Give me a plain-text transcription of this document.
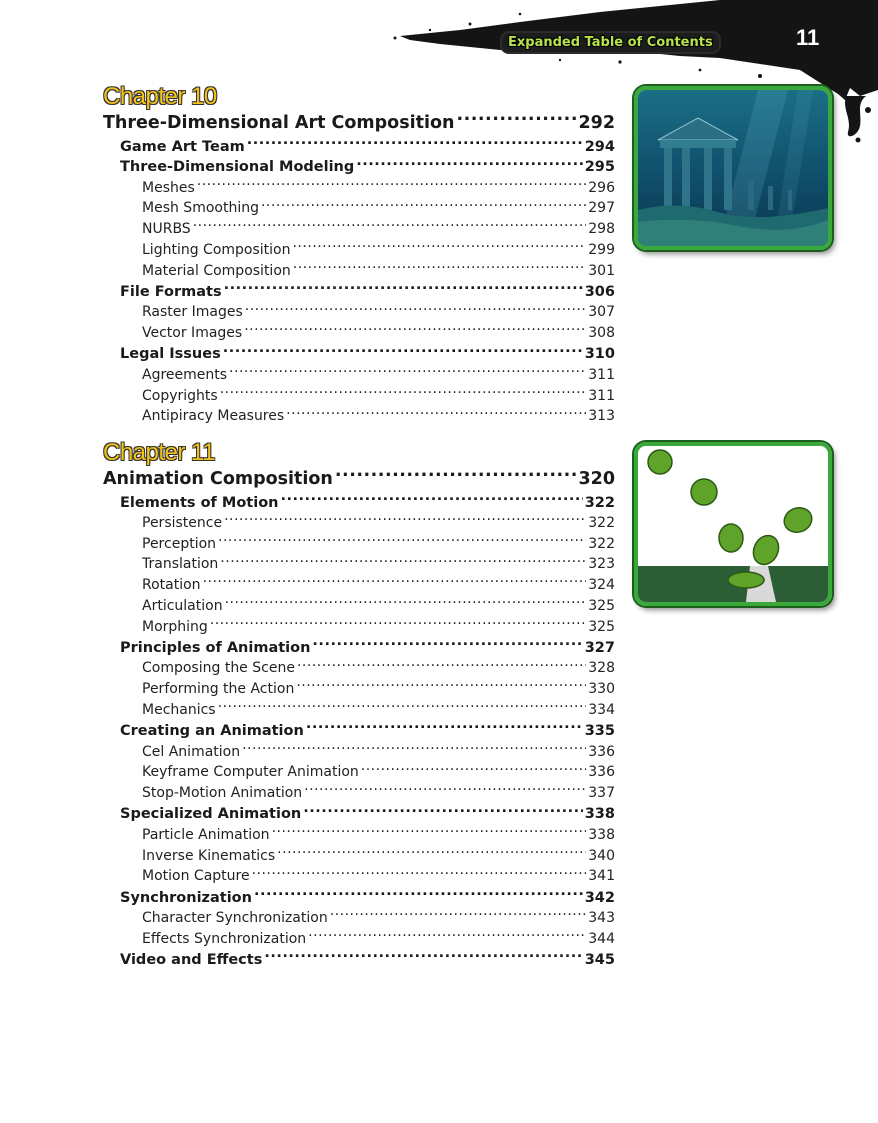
Expanded Table of Contents	11
Chapter 10
Three-Dimensional Art Composition .....	292
Game Art Team .....	294
Three-Dimensional Modeling .....	295
Meshes .....	296
Mesh Smoothing .....	297
NURBS .....	298
Lighting Composition .....	299
Material Composition .....	301
File Formats .....	306
Raster Images .....	307
Vector Images .....	308
Legal Issues .....	310
Agreements .....	311
Copyrights .....	311
Antipiracy Measures .....	313
Chapter 11
Animation Composition .....	320
Elements of Motion .....	322
Persistence .....	322
Perception .....	322
Translation .....	323
Rotation .....	324
Articulation .....	325
Morphing .....	325
Principles of Animation .....	327
Composing the Scene .....	328
Performing the Action .....	330
Mechanics .....	334
Creating an Animation .....	335
Cel Animation .....	336
Keyframe Computer Animation .....	336
Stop-Motion Animation .....	337
Specialized Animation .....	338
Particle Animation .....	338
Inverse Kinematics .....	340
Motion Capture .....	341
Synchronization .....	342
Character Synchronization .....	343
Effects Synchronization .....	344
Video and Effects .....	345
